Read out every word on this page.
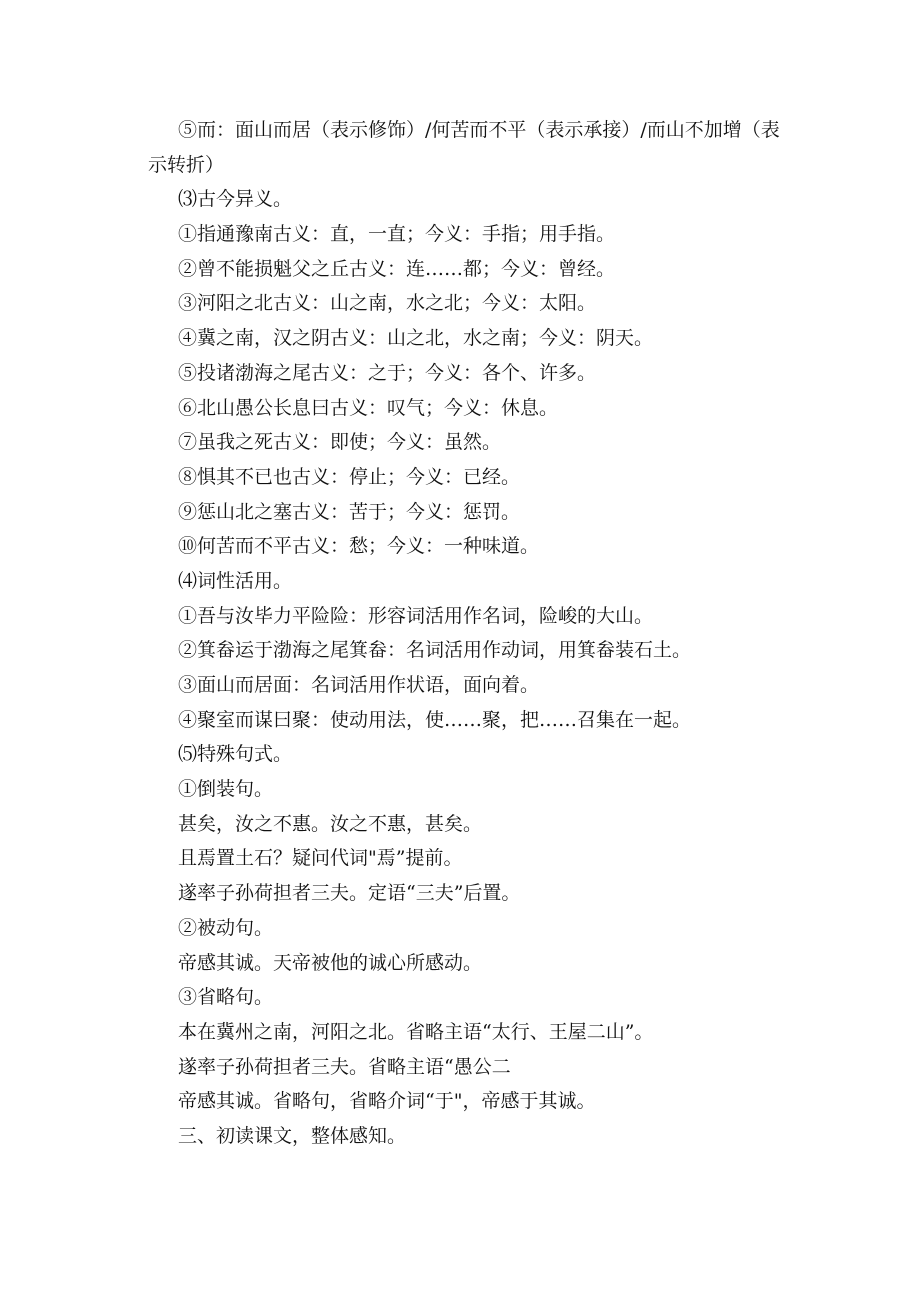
⑤而：面山而居（表示修饰）/何苦而不平（表示承接）/而山不加增（表示转折）
⑶古今异义。
①指通豫南古义：直，一直；今义：手指；用手指。
②曾不能损魁父之丘古义：连……都；今义：曾经。
③河阳之北古义：山之南，水之北；今义：太阳。
④冀之南，汉之阴古义：山之北，水之南；今义：阴天。
⑤投诸渤海之尾古义：之于；今义：各个、许多。
⑥北山愚公长息曰古义：叹气；今义：休息。
⑦虽我之死古义：即使；今义：虽然。
⑧惧其不已也古义：停止；今义：已经。
⑨惩山北之塞古义：苦于；今义：惩罚。
⑩何苦而不平古义：愁；今义：一种味道。
⑷词性活用。
①吾与汝毕力平险险：形容词活用作名词，险峻的大山。
②箕畚运于渤海之尾箕畚：名词活用作动词，用箕畚装石土。
③面山而居面：名词活用作状语，面向着。
④聚室而谋曰聚：使动用法，使……聚，把……召集在一起。
⑸特殊句式。
①倒装句。
甚矣，汝之不惠。汝之不惠，甚矣。
且焉置土石？疑问代词"焉”提前。
遂率子孙荷担者三夫。定语“三夫”后置。
②被动句。
帝感其诚。天帝被他的诚心所感动。
③省略句。
本在冀州之南，河阳之北。省略主语“太行、王屋二山”。
遂率子孙荷担者三夫。省略主语“愚公二
帝感其诚。省略句，省略介词“于"，帝感于其诚。
三、初读课文，整体感知。
